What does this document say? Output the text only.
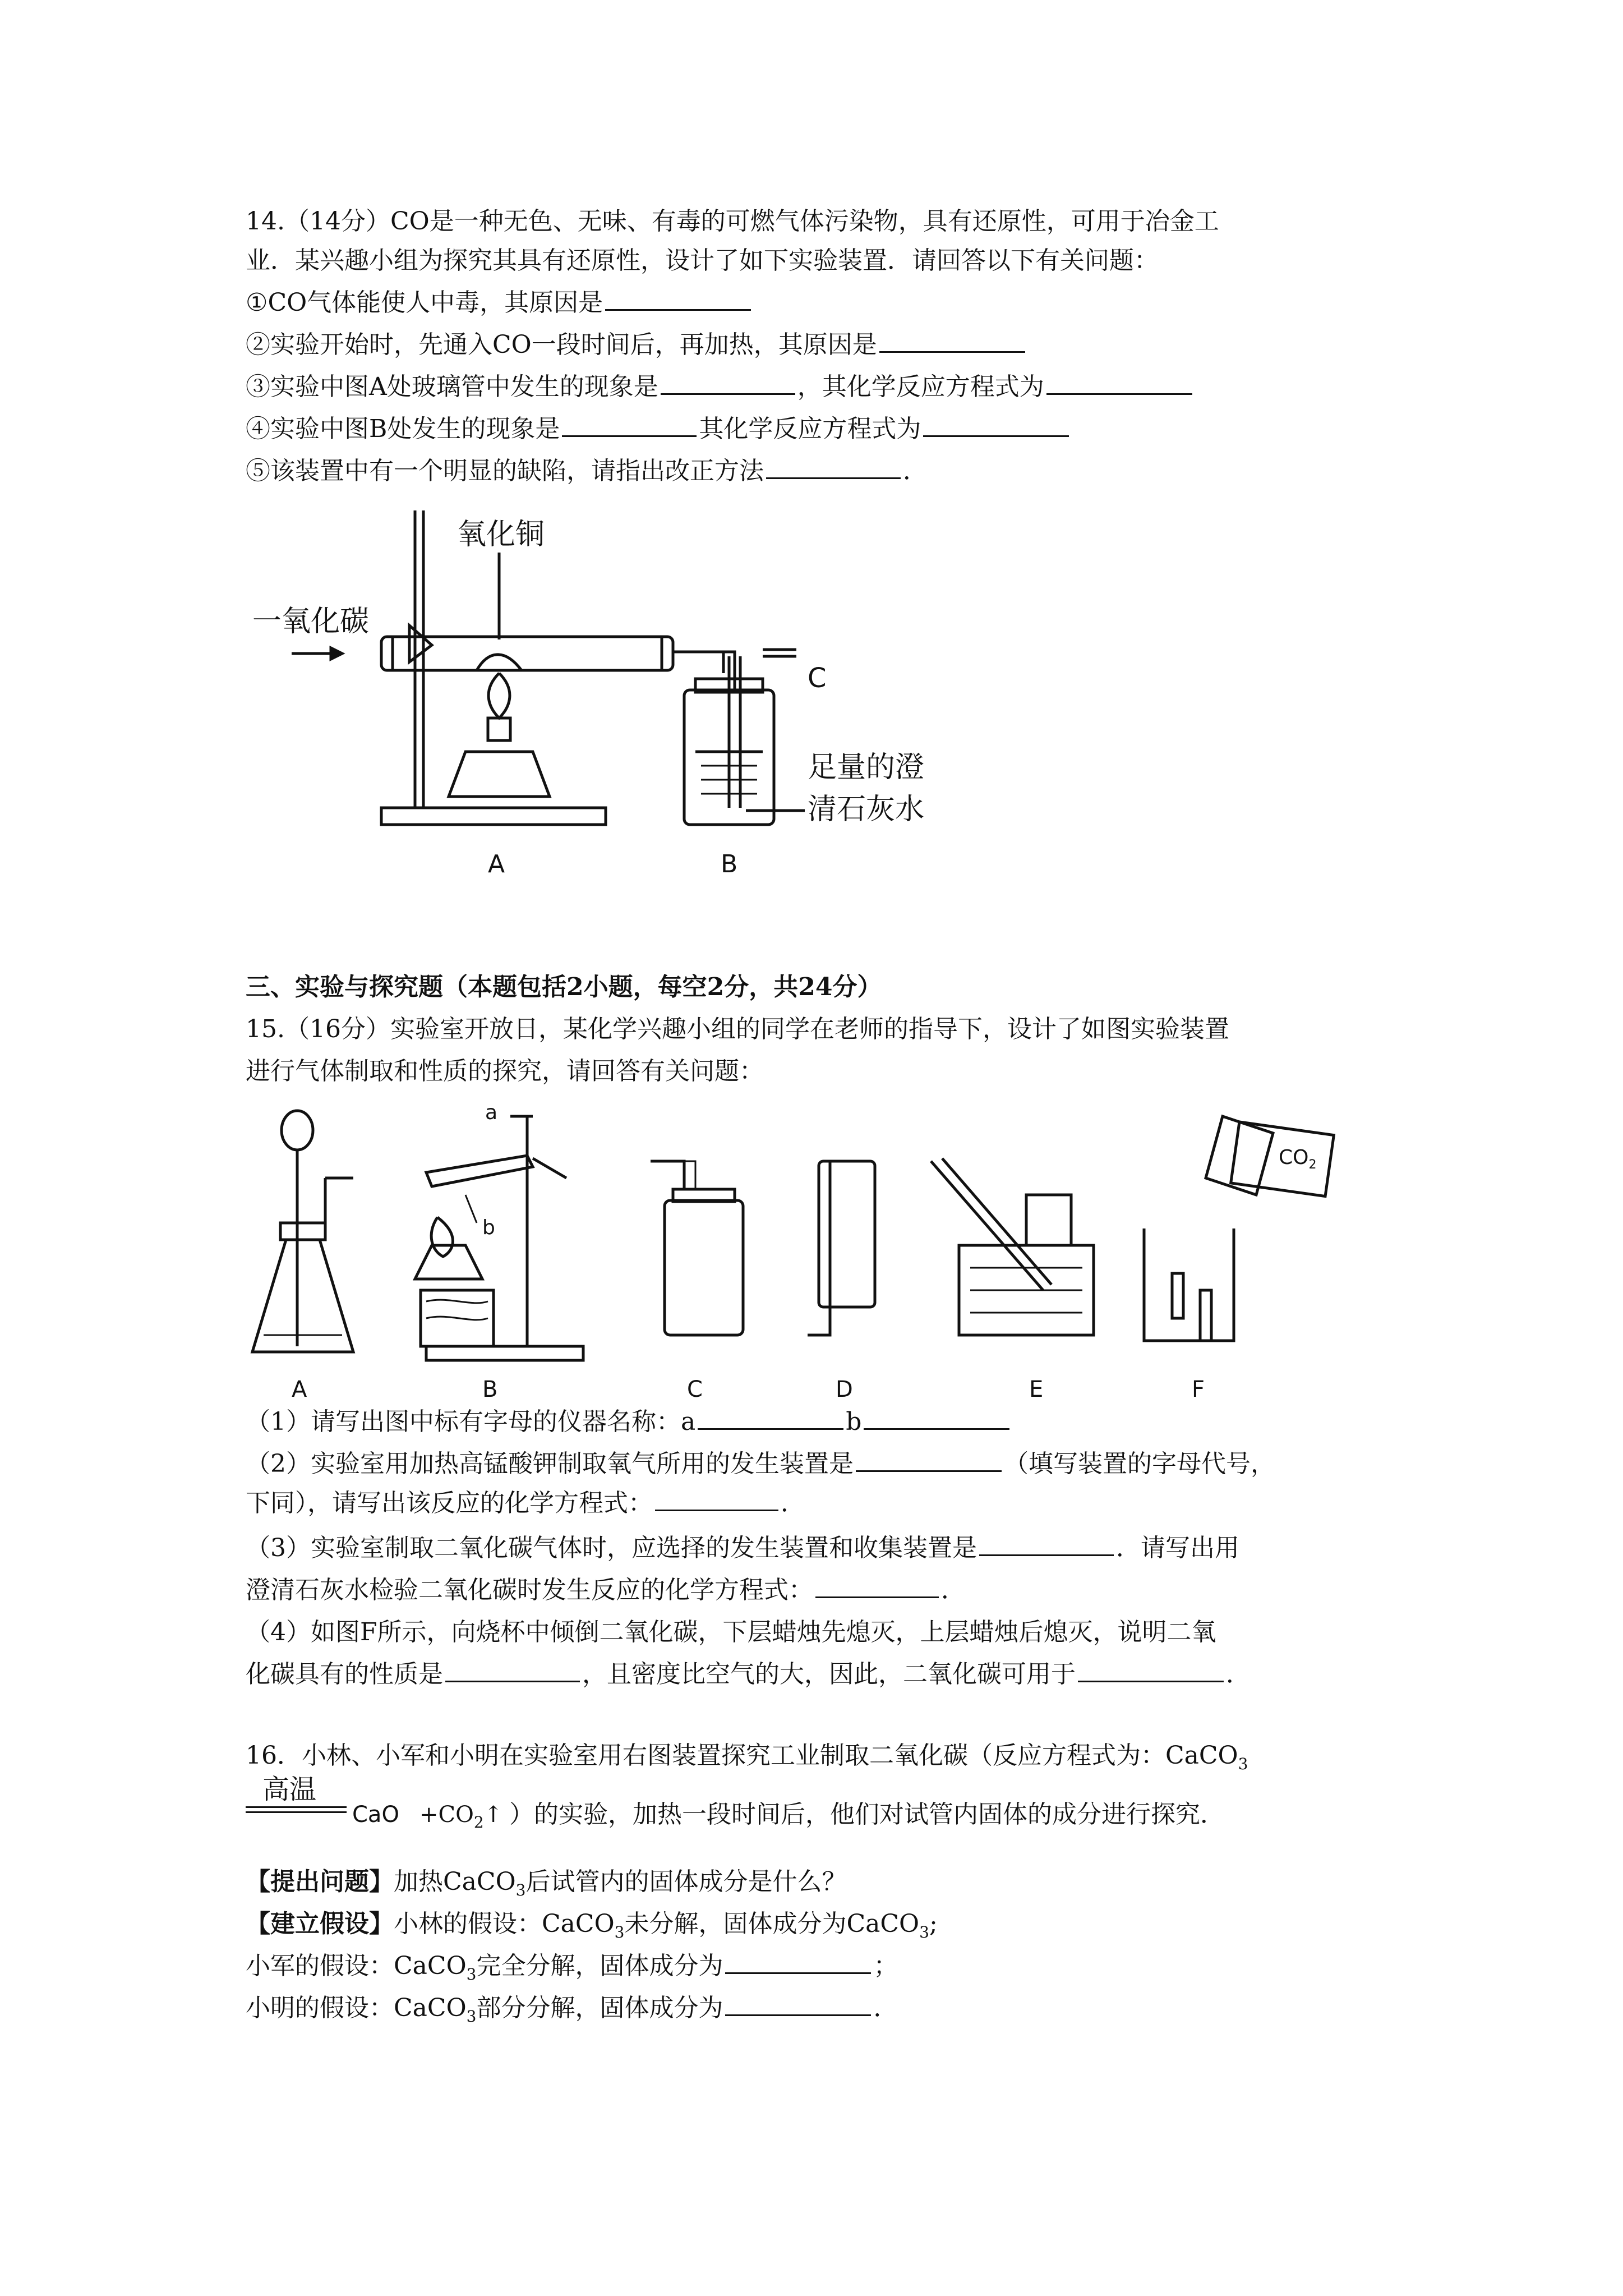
14.（14分）CO是一种无色、无味、有毒的可燃气体污染物，具有还原性，可用于冶金工
业．某兴趣小组为探究其具有还原性，设计了如下实验装置．请回答以下有关问题：
①CO气体能使人中毒，其原因是
②实验开始时，先通入CO一段时间后，再加热，其原因是
③实验中图A处玻璃管中发生的现象是	，其化学反应方程式为
④实验中图B处发生的现象是	其化学反应方程式为
⑤该装置中有一个明显的缺陷，请指出改正方法	．
一氧化碳
氧化铜
C
足量的澄
清石灰水
A	B
三、实验与探究题（本题包括2小题，每空2分，共24分）
15.（16分）实验室开放日，某化学兴趣小组的同学在老师的指导下，设计了如图实验装置
进行气体制取和性质的探究，请回答有关问题：
$CO_2$
a
b
A	B	C	D	E	F
（1）请写出图中标有字母的仪器名称：a	b
（2）实验室用加热高锰酸钾制取氧气所用的发生装置是	（填写装置的字母代号，
下同），请写出该反应的化学方程式：	．
（3）实验室制取二氧化碳气体时，应选择的发生装置和收集装置是	．请写出用
澄清石灰水检验二氧化碳时发生反应的化学方程式：	．
（4）如图F所示，向烧杯中倾倒二氧化碳，下层蜡烛先熄灭，上层蜡烛后熄灭，说明二氧
化碳具有的性质是	，且密度比空气的大，因此，二氧化碳可用于	．
16．小林、小军和小明在实验室用右图装置探究工业制取二氧化碳（反应方程式为：CaCO$_3$
高温
CaO $+CO_2↑$ ）的实验，加热一段时间后，他们对试管内固体的成分进行探究．
【提出问题】加热CaCO$_3$后试管内的固体成分是什么？
【建立假设】小林的假设：CaCO$_3$未分解，固体成分为CaCO$_3$;
小军的假设：CaCO$_3$完全分解，固体成分为	；
小明的假设：CaCO$_3$部分分解，固体成分为	．
